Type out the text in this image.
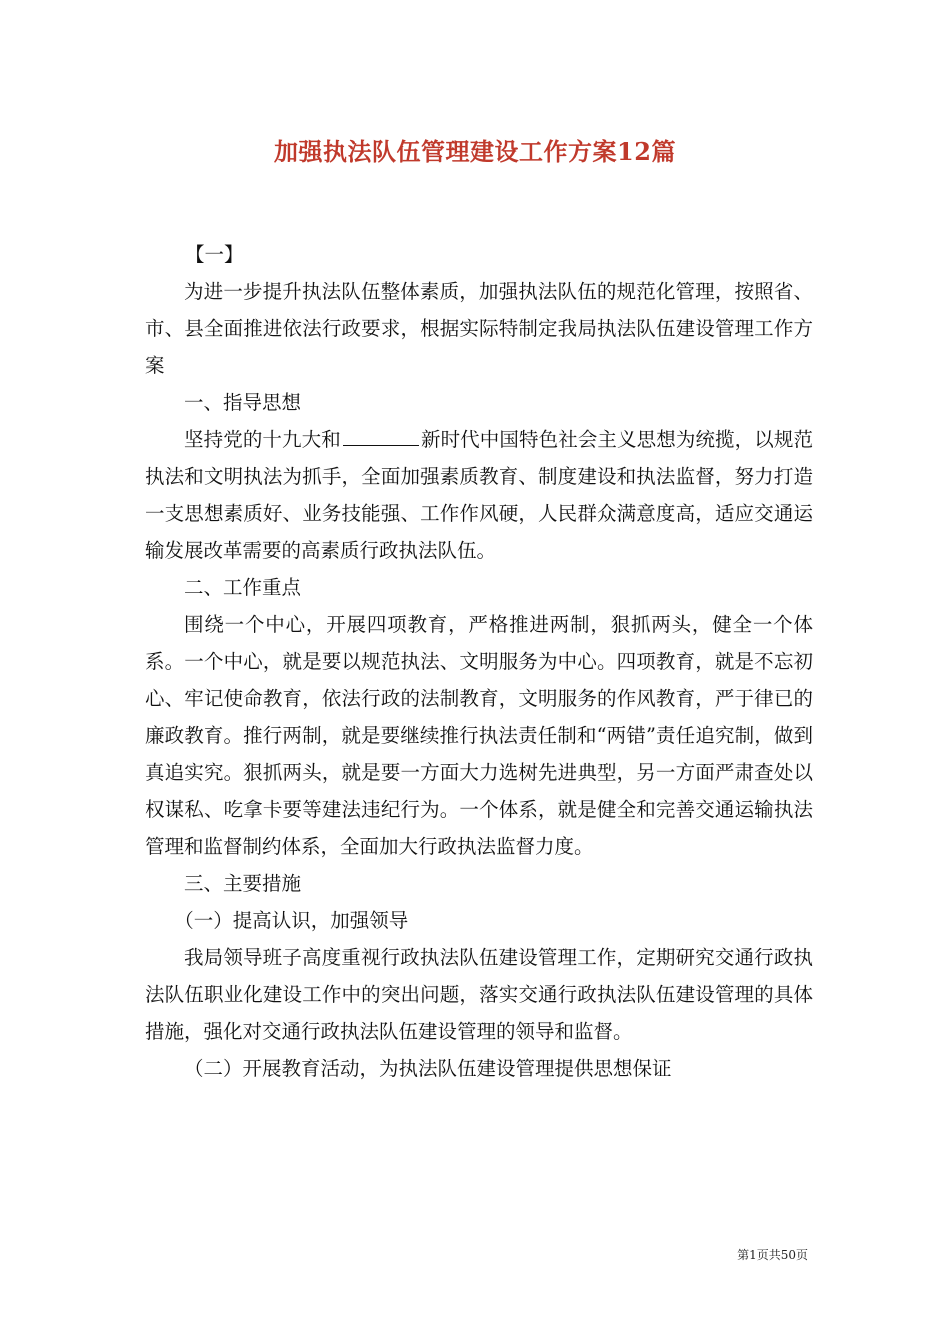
加强执法队伍管理建设工作方案12篇

【一】

为进一步提升执法队伍整体素质，加强执法队伍的规范化管理，按照省、市、县全面推进依法行政要求，根据实际特制定我局执法队伍建设管理工作方案

一、指导思想

坚持党的十九大和	新时代中国特色社会主义思想为统揽，以规范执法和文明执法为抓手，全面加强素质教育、制度建设和执法监督，努力打造一支思想素质好、业务技能强、工作作风硬，人民群众满意度高，适应交通运输发展改革需要的高素质行政执法队伍。

二、工作重点

围绕一个中心，开展四项教育，严格推进两制，狠抓两头，健全一个体系。一个中心，就是要以规范执法、文明服务为中心。四项教育，就是不忘初心、牢记使命教育，依法行政的法制教育，文明服务的作风教育，严于律已的廉政教育。推行两制，就是要继续推行执法责任制和“两错”责任追究制，做到真追实究。狠抓两头，就是要一方面大力选树先进典型，另一方面严肃查处以权谋私、吃拿卡要等建法违纪行为。一个体系，就是健全和完善交通运输执法管理和监督制约体系，全面加大行政执法监督力度。

三、主要措施

（一）提高认识，加强领导

我局领导班子高度重视行政执法队伍建设管理工作，定期研究交通行政执法队伍职业化建设工作中的突出问题，落实交通行政执法队伍建设管理的具体措施，强化对交通行政执法队伍建设管理的领导和监督。

（二）开展教育活动，为执法队伍建设管理提供思想保证

第1页共50页
